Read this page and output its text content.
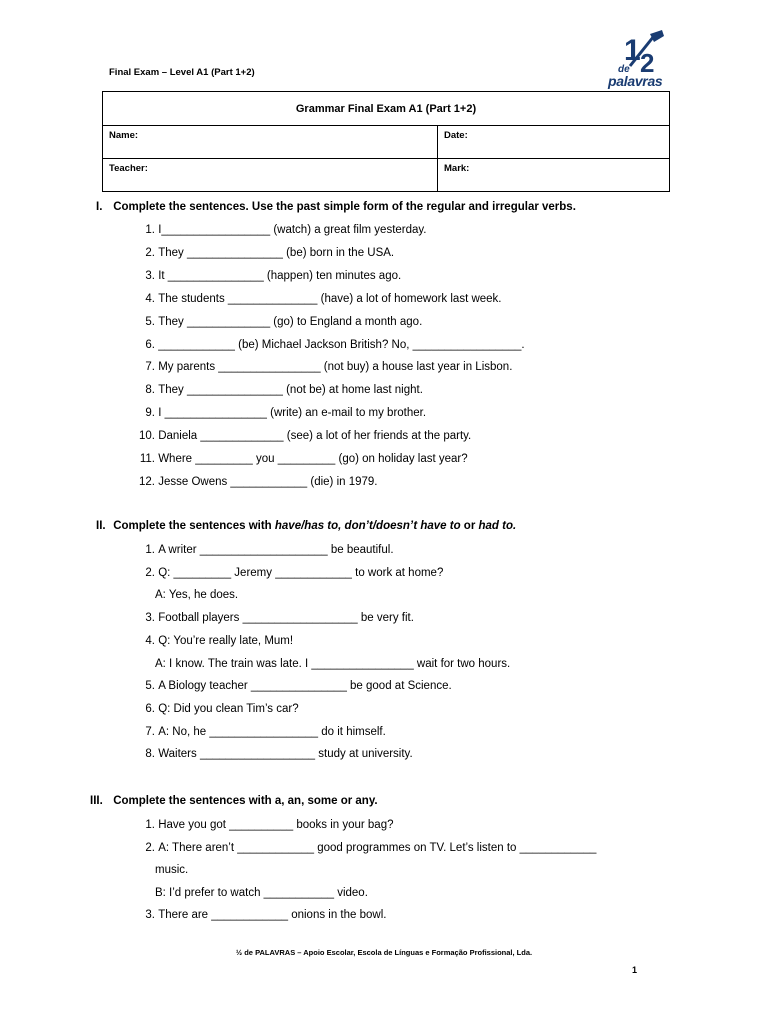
Final Exam – Level A1 (Part 1+2)
1 2
de
palavras
Grammar Final Exam A1 (Part 1+2)	
Name:	Date:
Teacher:	Mark:
I. Complete the sentences. Use the past simple form of the regular and irregular verbs.
1. I_________________ (watch) a great film yesterday.
2. They _______________ (be) born in the USA.
3. It _______________ (happen) ten minutes ago.
4. The students ______________ (have) a lot of homework last week.
5. They _____________ (go) to England a month ago.
6. ____________ (be) Michael Jackson British? No, _________________.
7. My parents ________________ (not buy) a house last year in Lisbon.
8. They _______________ (not be) at home last night.
9. I ________________ (write) an e-mail to my brother.
10. Daniela _____________ (see) a lot of her friends at the party.
11. Where _________ you _________ (go) on holiday last year?
12. Jesse Owens ____________ (die) in 1979.
II. Complete the sentences with have/has to, don’t/doesn’t have to or had to.
1. A writer ____________________ be beautiful.
2. Q: _________ Jeremy ____________ to work at home?
A: Yes, he does.
3. Football players __________________ be very fit.
4. Q: You’re really late, Mum!
A: I know. The train was late. I ________________ wait for two hours.
5. A Biology teacher _______________ be good at Science.
6. Q: Did you clean Tim’s car?
7. A: No, he _________________ do it himself.
8. Waiters __________________ study at university.
III. Complete the sentences with a, an, some or any.
1. Have you got __________ books in your bag?
2. A: There aren’t ____________ good programmes on TV. Let’s listen to ____________
music.
B: I’d prefer to watch ___________ video.
3. There are ____________ onions in the bowl.
½ de PALAVRAS – Apoio Escolar, Escola de Línguas e Formação Profissional, Lda.
1
